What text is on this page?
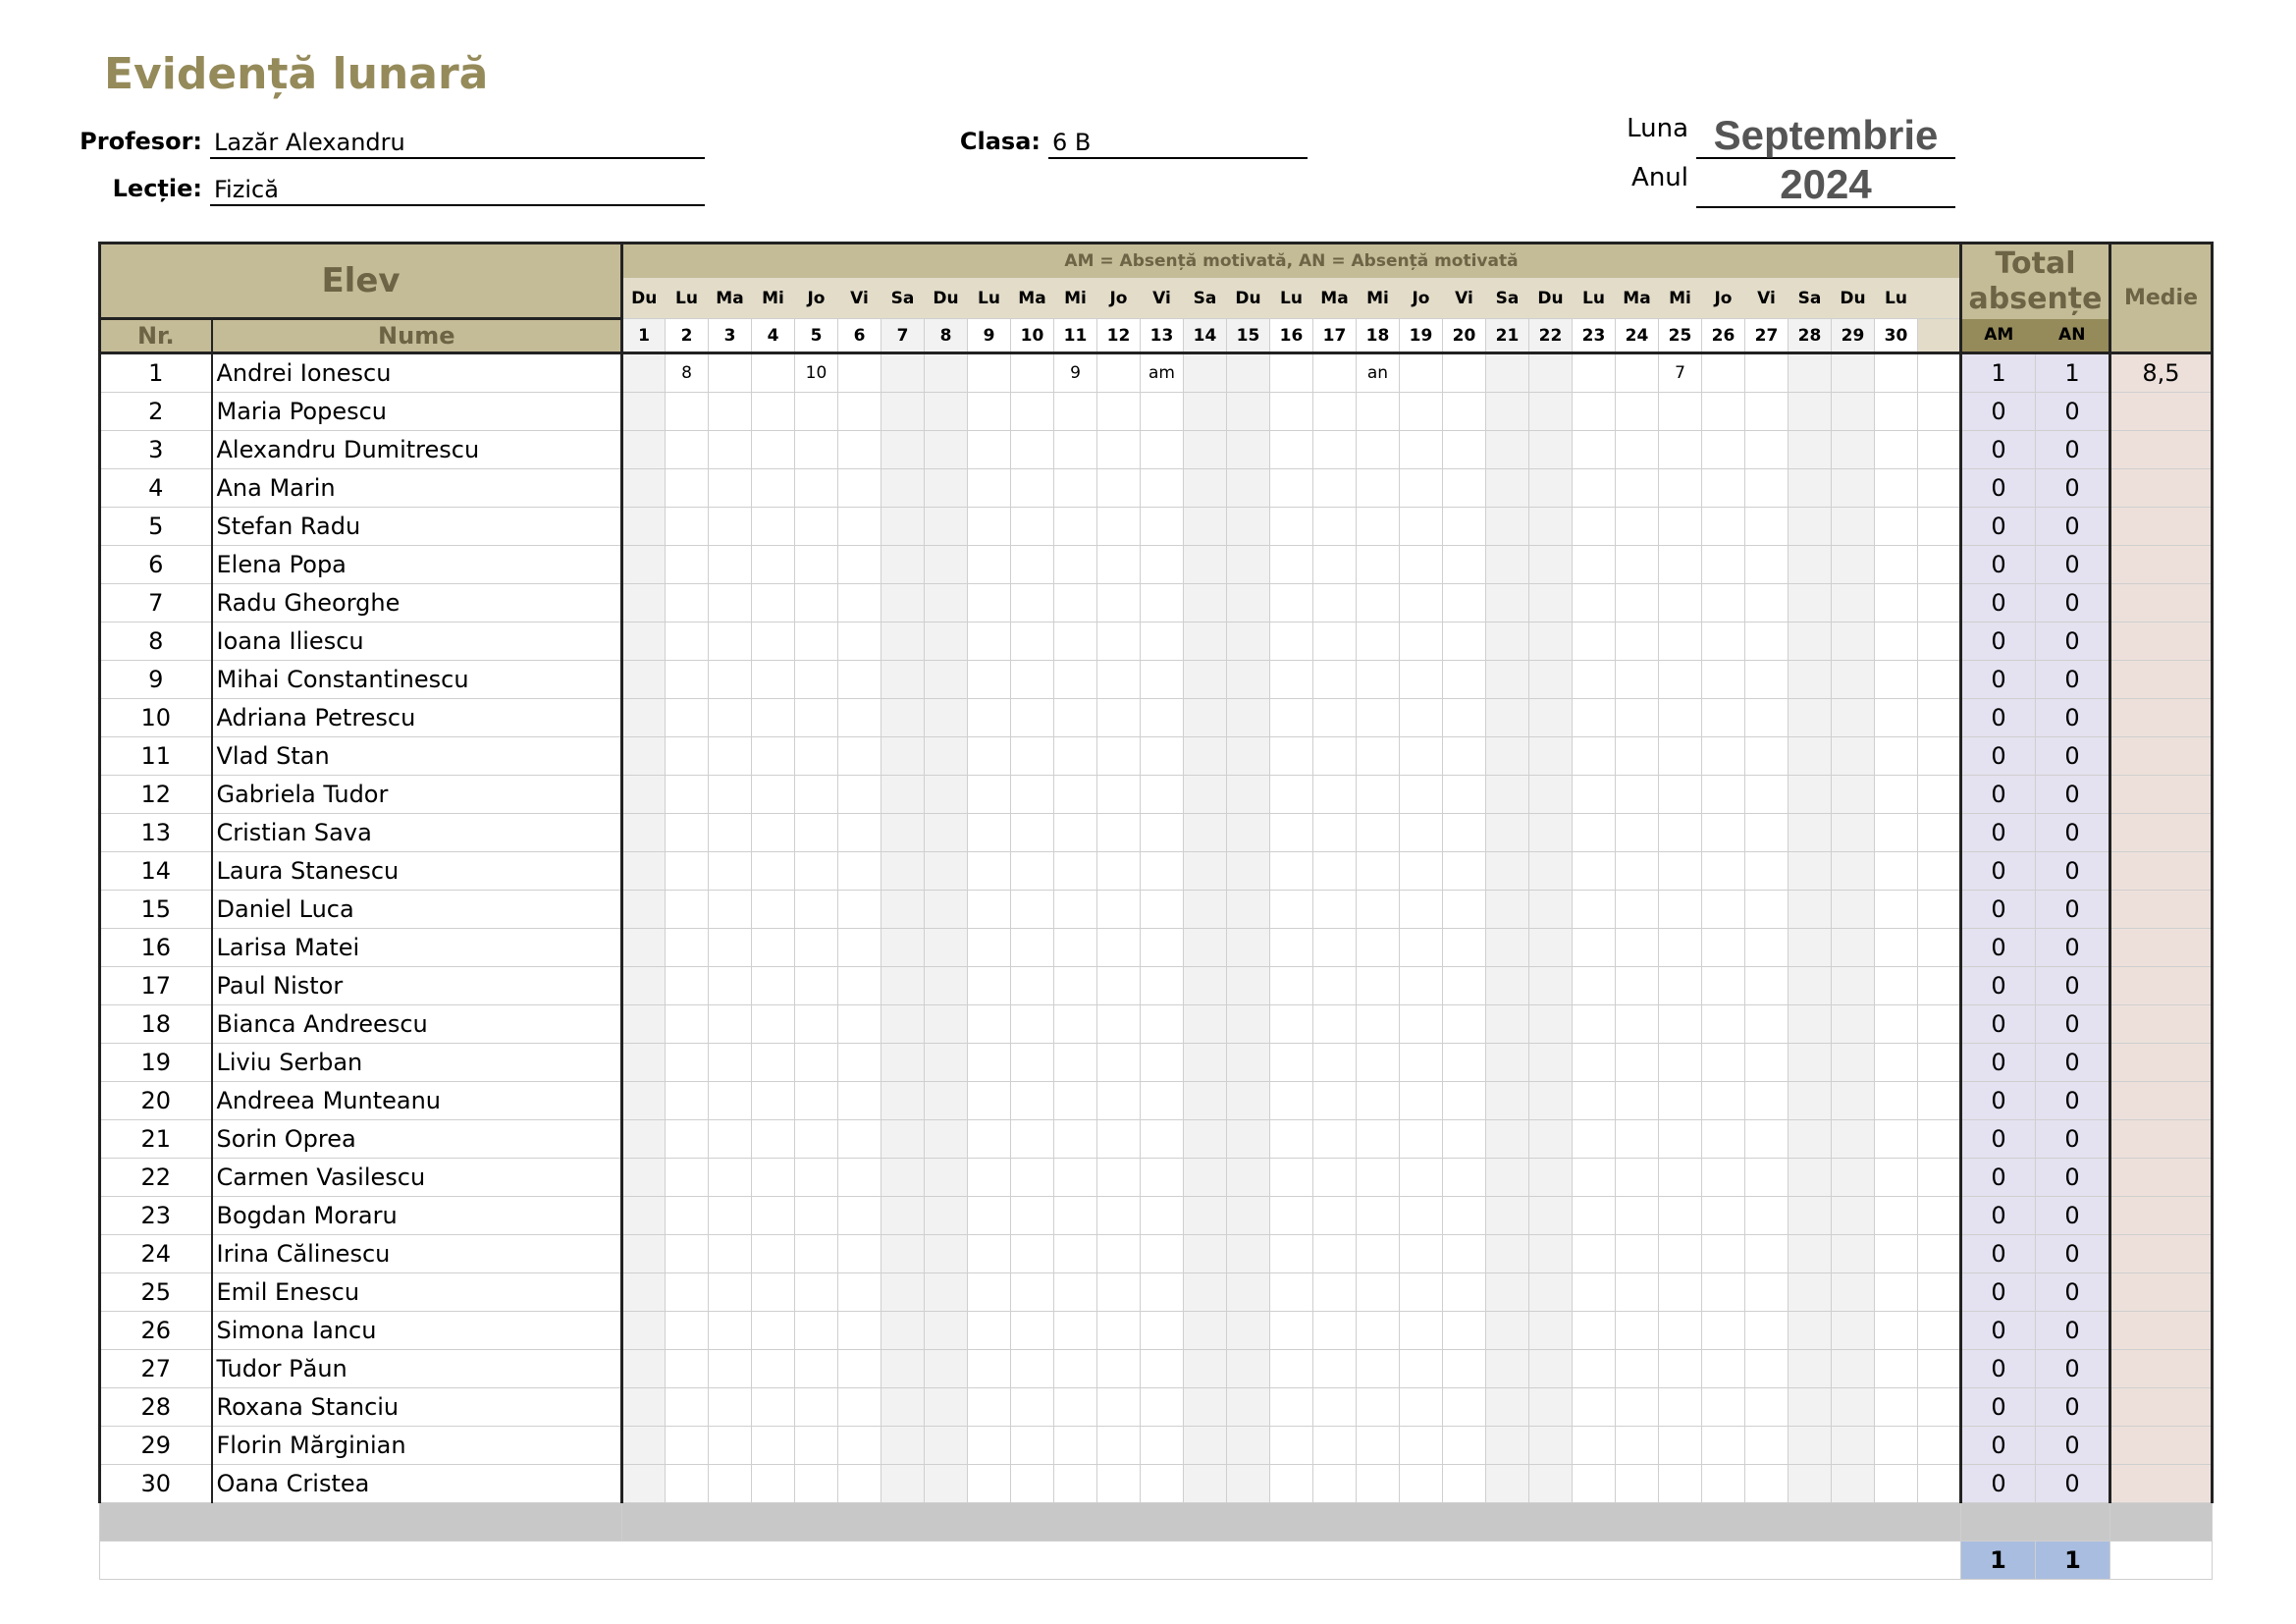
Evidență lunară
Profesor: Lazăr Alexandru
Lecție: Fizică
Clasa: 6 B	Luna Septembrie
Anul	2024
Elev		AM = Absență motivată, AN = Absență motivată																															Total
absențe		Medie
		Du	Lu	Ma	Mi	Jo	Vi	Sa	Du	Lu	Ma	Mi	Jo	Vi	Sa	Du	Lu	Ma	Mi	Jo	Vi	Sa	Du	Lu	Ma	Mi	Jo	Vi	Sa	Du	Lu				
Nr.	Nume	1	2	3	4	5	6	7	8	9	10	11	12	13	14	15	16	17	18	19	20	21	22	23	24	25	26	27	28	29	30		AM	AN	
1	Andrei Ionescu		8			10						9		am					an							7							1	1	8,5
2	Maria Popescu																																0	0	
3	Alexandru Dumitrescu																																0	0	
4	Ana Marin																																0	0	
5	Stefan Radu																																0	0	
6	Elena Popa																																0	0	
7	Radu Gheorghe																																0	0	
8	Ioana Iliescu																																0	0	
9	Mihai Constantinescu																																0	0	
10	Adriana Petrescu																																0	0	
11	Vlad Stan																																0	0	
12	Gabriela Tudor																																0	0	
13	Cristian Sava																																0	0	
14	Laura Stanescu																																0	0	
15	Daniel Luca																																0	0	
16	Larisa Matei																																0	0	
17	Paul Nistor																																0	0	
18	Bianca Andreescu																																0	0	
19	Liviu Serban																																0	0	
20	Andreea Munteanu																																0	0	
21	Sorin Oprea																																0	0	
22	Carmen Vasilescu																																0	0	
23	Bogdan Moraru																																0	0	
24	Irina Călinescu																																0	0	
25	Emil Enescu																																0	0	
26	Simona Iancu																																0	0	
27	Tudor Păun																																0	0	
28	Roxana Stanciu																																0	0	
29	Florin Mărginian																																0	0	
30	Oana Cristea																																0	0	

																																	1	1	
